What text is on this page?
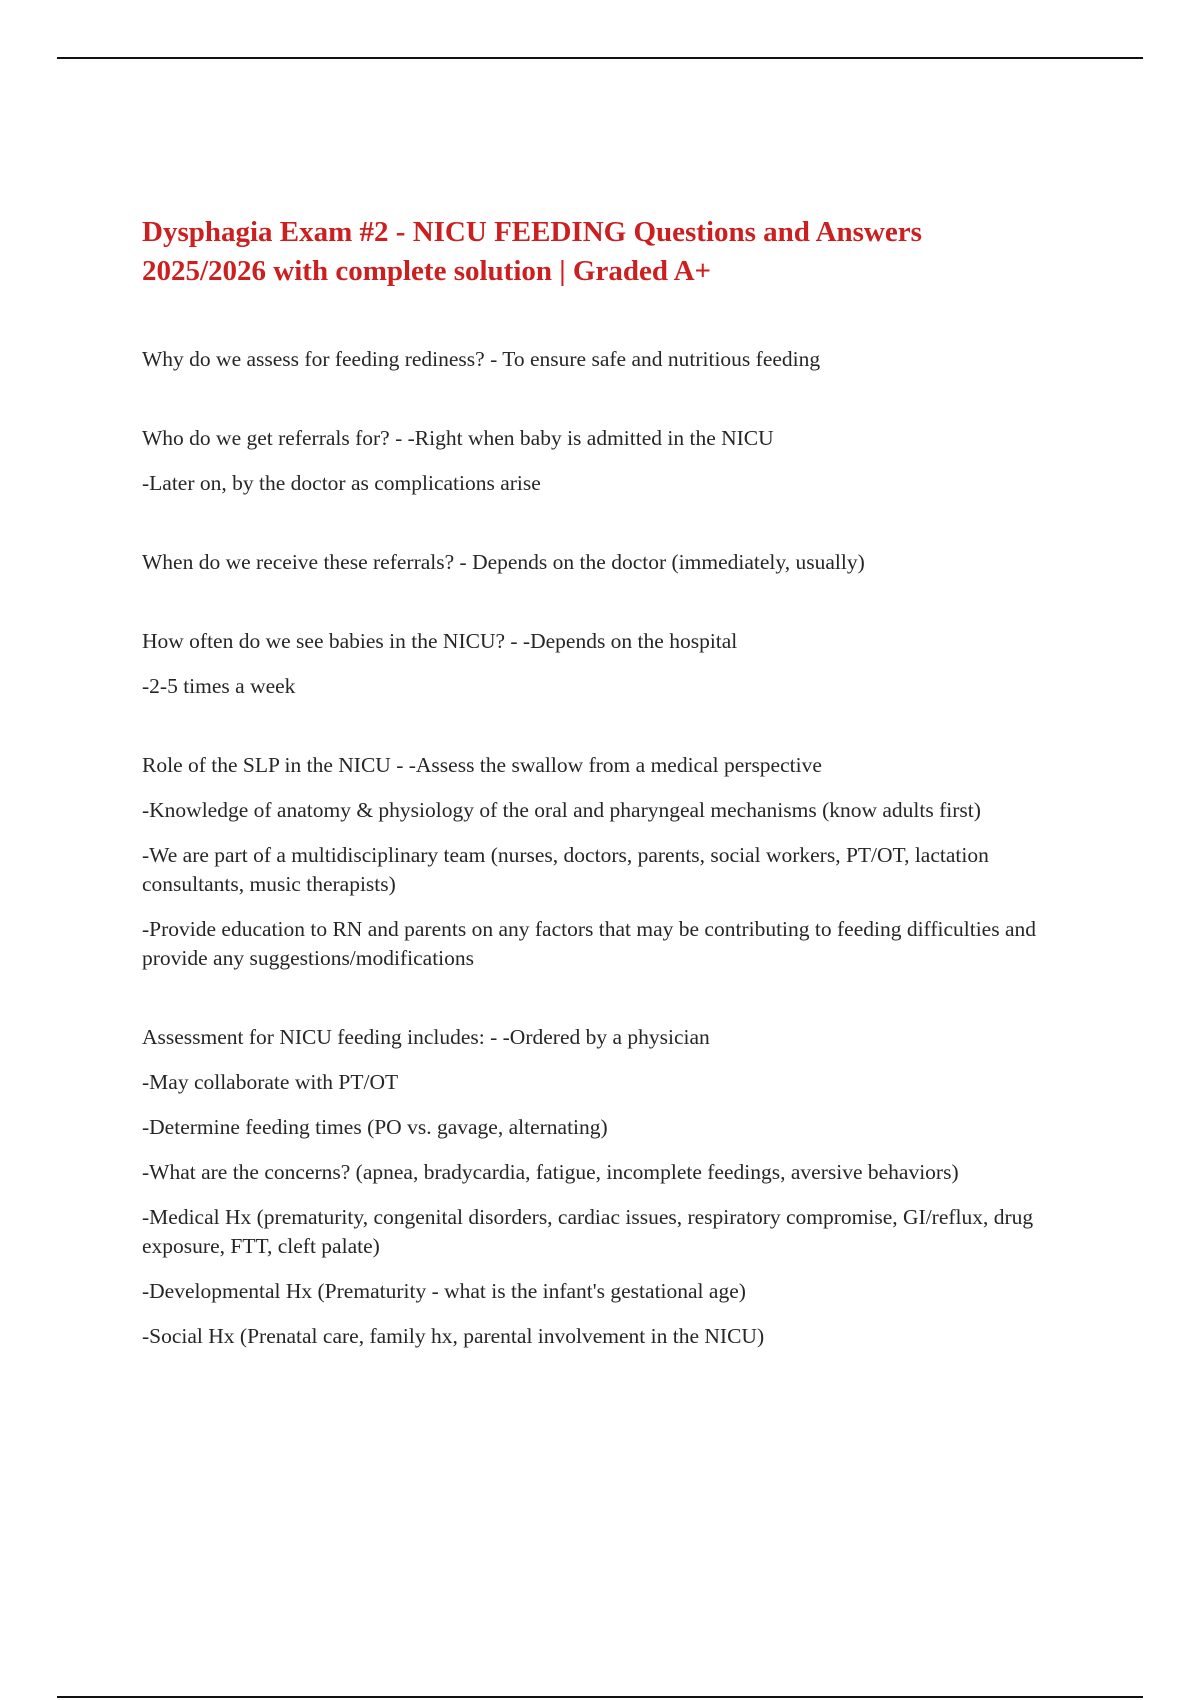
Dysphagia Exam #2 - NICU FEEDING Questions and Answers
2025/2026 with complete solution | Graded A+

Why do we assess for feeding rediness? - To ensure safe and nutritious feeding

Who do we get referrals for? - -Right when baby is admitted in the NICU

-Later on, by the doctor as complications arise

When do we receive these referrals? - Depends on the doctor (immediately, usually)

How often do we see babies in the NICU? - -Depends on the hospital

-2-5 times a week

Role of the SLP in the NICU - -Assess the swallow from a medical perspective

-Knowledge of anatomy & physiology of the oral and pharyngeal mechanisms (know adults first)

-We are part of a multidisciplinary team (nurses, doctors, parents, social workers, PT/OT, lactation consultants, music therapists)

-Provide education to RN and parents on any factors that may be contributing to feeding difficulties and provide any suggestions/modifications

Assessment for NICU feeding includes: - -Ordered by a physician

-May collaborate with PT/OT

-Determine feeding times (PO vs. gavage, alternating)

-What are the concerns? (apnea, bradycardia, fatigue, incomplete feedings, aversive behaviors)

-Medical Hx (prematurity, congenital disorders, cardiac issues, respiratory compromise, GI/reflux, drug exposure, FTT, cleft palate)

-Developmental Hx (Prematurity - what is the infant's gestational age)

-Social Hx (Prenatal care, family hx, parental involvement in the NICU)
